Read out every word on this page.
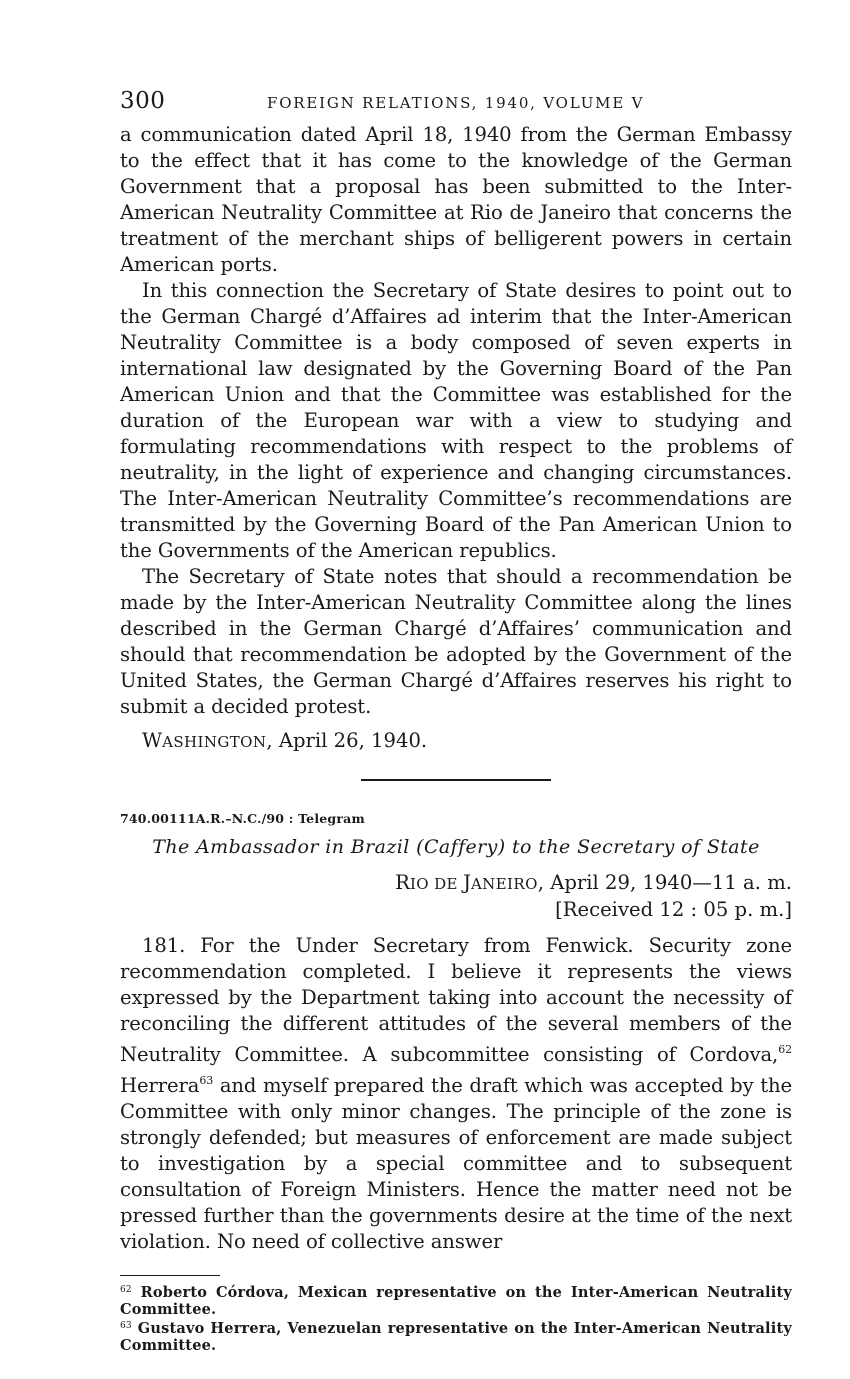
300	FOREIGN RELATIONS, 1940, VOLUME V

a communication dated April 18, 1940 from the German Embassy to the effect that it has come to the knowledge of the German Government that a proposal has been submitted to the Inter-American Neutrality Committee at Rio de Janeiro that concerns the treatment of the merchant ships of belligerent powers in certain American ports.

In this connection the Secretary of State desires to point out to the German Chargé d’Affaires ad interim that the Inter-American Neutrality Committee is a body composed of seven experts in international law designated by the Governing Board of the Pan American Union and that the Committee was established for the duration of the European war with a view to studying and formulating recommendations with respect to the problems of neutrality, in the light of experience and changing circumstances. The Inter-American Neutrality Committee’s recommendations are transmitted by the Governing Board of the Pan American Union to the Governments of the American republics.

The Secretary of State notes that should a recommendation be made by the Inter-American Neutrality Committee along the lines described in the German Chargé d’Affaires’ communication and should that recommendation be adopted by the Government of the United States, the German Chargé d’Affaires reserves his right to submit a decided protest.

WASHINGTON, April 26, 1940.
740.00111A.R.–N.C./90 : Telegram
The Ambassador in Brazil (Caffery) to the Secretary of State
RIO DE JANEIRO, April 29, 1940—11 a. m.
[Received 12 : 05 p. m.]

181. For the Under Secretary from Fenwick. Security zone recommendation completed. I believe it represents the views expressed by the Department taking into account the necessity of reconciling the different attitudes of the several members of the Neutrality Committee. A subcommittee consisting of Cordova,$^{62}$ Herrera$^{63}$ and myself prepared the draft which was accepted by the Committee with only minor changes. The principle of the zone is strongly defended; but measures of enforcement are made subject to investigation by a special committee and to subsequent consultation of Foreign Ministers. Hence the matter need not be pressed further than the governments desire at the time of the next violation. No need of collective answer

$^{62}$ Roberto Córdova, Mexican representative on the Inter-American Neutrality Committee.

$^{63}$ Gustavo Herrera, Venezuelan representative on the Inter-American Neutrality Committee.
